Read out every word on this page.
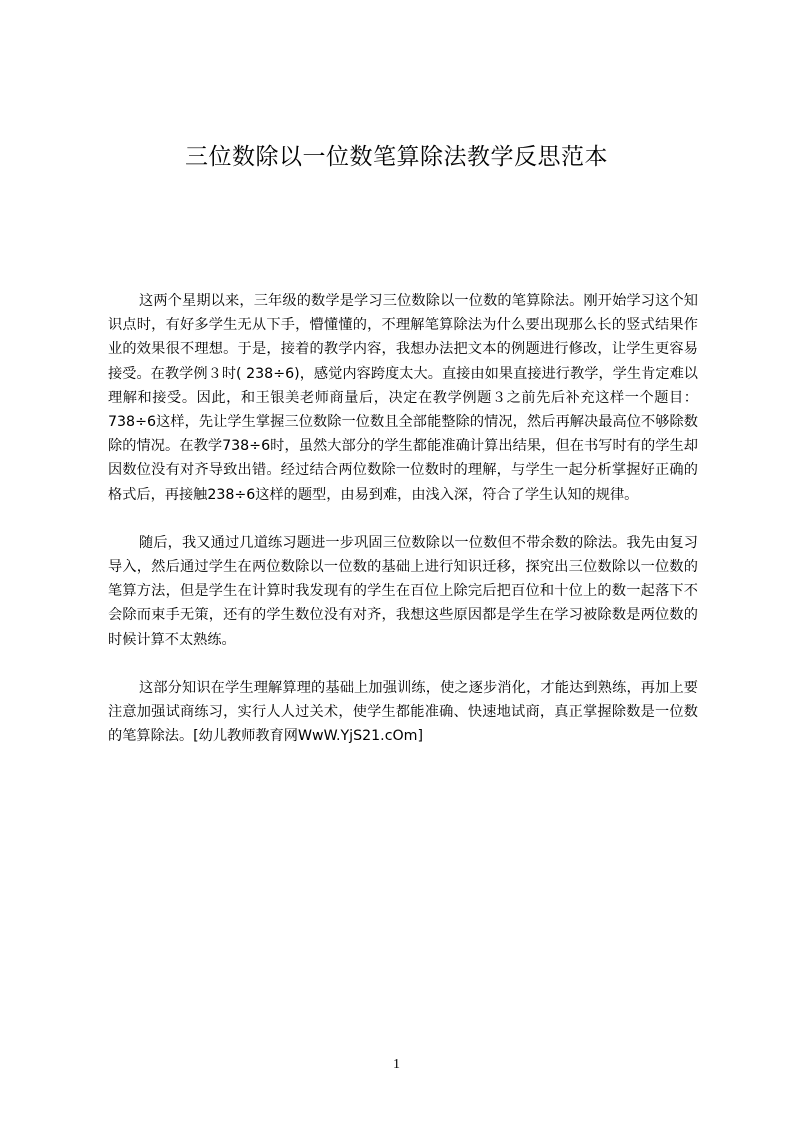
三位数除以一位数笔算除法教学反思范本

这两个星期以来，三年级的数学是学习三位数除以一位数的笔算除法。刚开始学习这个知识点时，有好多学生无从下手，懵懂懂的，不理解笔算除法为什么要出现那么长的竖式结果作业的效果很不理想。于是，接着的教学内容，我想办法把文本的例题进行修改，让学生更容易接受。在教学例３时( 238÷6)，感觉内容跨度太大。直接由如果直接进行教学，学生肯定难以理解和接受。因此，和王银美老师商量后，决定在教学例题３之前先后补充这样一个题目：738÷6这样，先让学生掌握三位数除一位数且全部能整除的情况，然后再解决最高位不够除数除的情况。在教学738÷6时，虽然大部分的学生都能准确计算出结果，但在书写时有的学生却因数位没有对齐导致出错。经过结合两位数除一位数时的理解，与学生一起分析掌握好正确的格式后，再接触238÷6这样的题型，由易到难，由浅入深，符合了学生认知的规律。

随后，我又通过几道练习题进一步巩固三位数除以一位数但不带余数的除法。我先由复习导入，然后通过学生在两位数除以一位数的基础上进行知识迁移，探究出三位数除以一位数的笔算方法，但是学生在计算时我发现有的学生在百位上除完后把百位和十位上的数一起落下不会除而束手无策，还有的学生数位没有对齐，我想这些原因都是学生在学习被除数是两位数的时候计算不太熟练。

这部分知识在学生理解算理的基础上加强训练，使之逐步消化，才能达到熟练，再加上要注意加强试商练习，实行人人过关术，使学生都能准确、快速地试商，真正掌握除数是一位数的笔算除法。[幼儿教师教育网WwW.YjS21.cOm]

1
